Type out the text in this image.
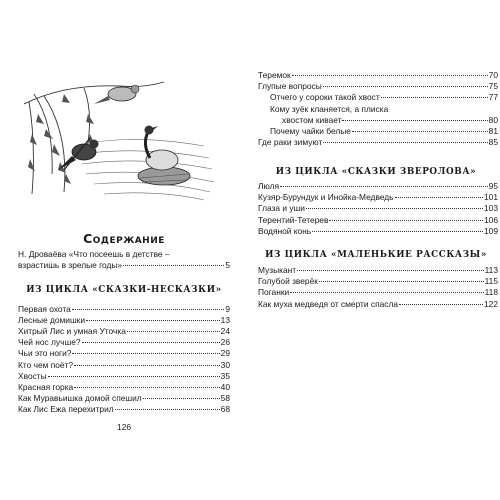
Содержание
Н. Дроваёва «Что посеешь в детстве –
взрастишь в зрелые годы»	5
ИЗ ЦИКЛА «СКАЗКИ-НЕСКАЗКИ»
Первая охота	9
Лесные домишки	13
Хитрый Лис и умная Уточка	24
Чей нос лучше?	26
Чьи это ноги?	29
Кто чем поёт?	30
Хвосты	35
Красная горка	40
Как Муравьишка домой спешил	58
Как Лис Ежа перехитрил	68
126
Теремок	70
Глупые вопросы	75
Отчего у сороки такой хвост	77
Кому зуёк кланяется, а плиска
хвостом кивает	80
Почему чайки белые	81
Где раки зимуют	85
Люля	95
Кузяр-Бурундук и Инойка-Медведь	101
Глаза и уши	103
Терентий-Тетерев	106
Водяной конь	109
Музыкант	113
Голубой зверёк	115
Поганки	118
Как муха медведя от смерти спасла	122
ИЗ ЦИКЛА «СКАЗКИ ЗВЕРОЛОВА»
ИЗ ЦИКЛА «МАЛЕНЬКИЕ РАССКАЗЫ»
